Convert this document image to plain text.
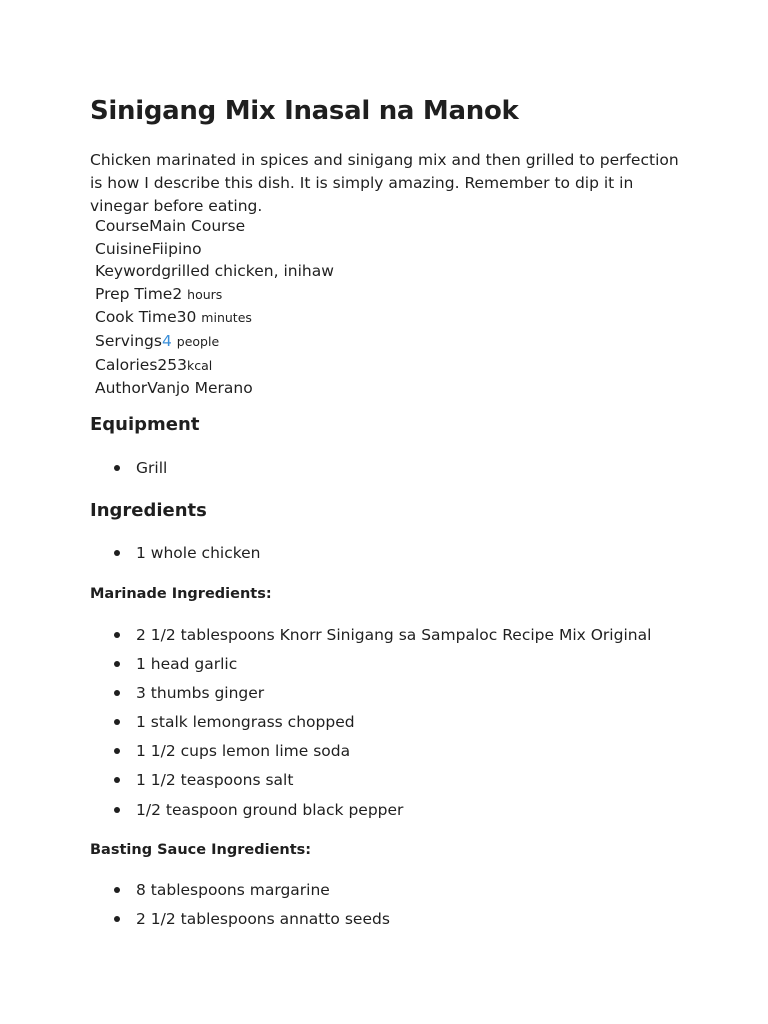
Sinigang Mix Inasal na Manok

Chicken marinated in spices and sinigang mix and then grilled to perfection is how I describe this dish. It is simply amazing. Remember to dip it in vinegar before eating.

CourseMain Course
CuisineFiipino
Keywordgrilled chicken, inihaw
Prep Time2 hours
Cook Time30 minutes
Servings4 people
Calories253kcal
AuthorVanjo Merano
Equipment
Grill
Ingredients
1 whole chicken
Marinade Ingredients:
2 1/2 tablespoons Knorr Sinigang sa Sampaloc Recipe Mix Original
1 head garlic
3 thumbs ginger
1 stalk lemongrass chopped
1 1/2 cups lemon lime soda
1 1/2 teaspoons salt
1/2 teaspoon ground black pepper
Basting Sauce Ingredients:
8 tablespoons margarine
2 1/2 tablespoons annatto seeds
